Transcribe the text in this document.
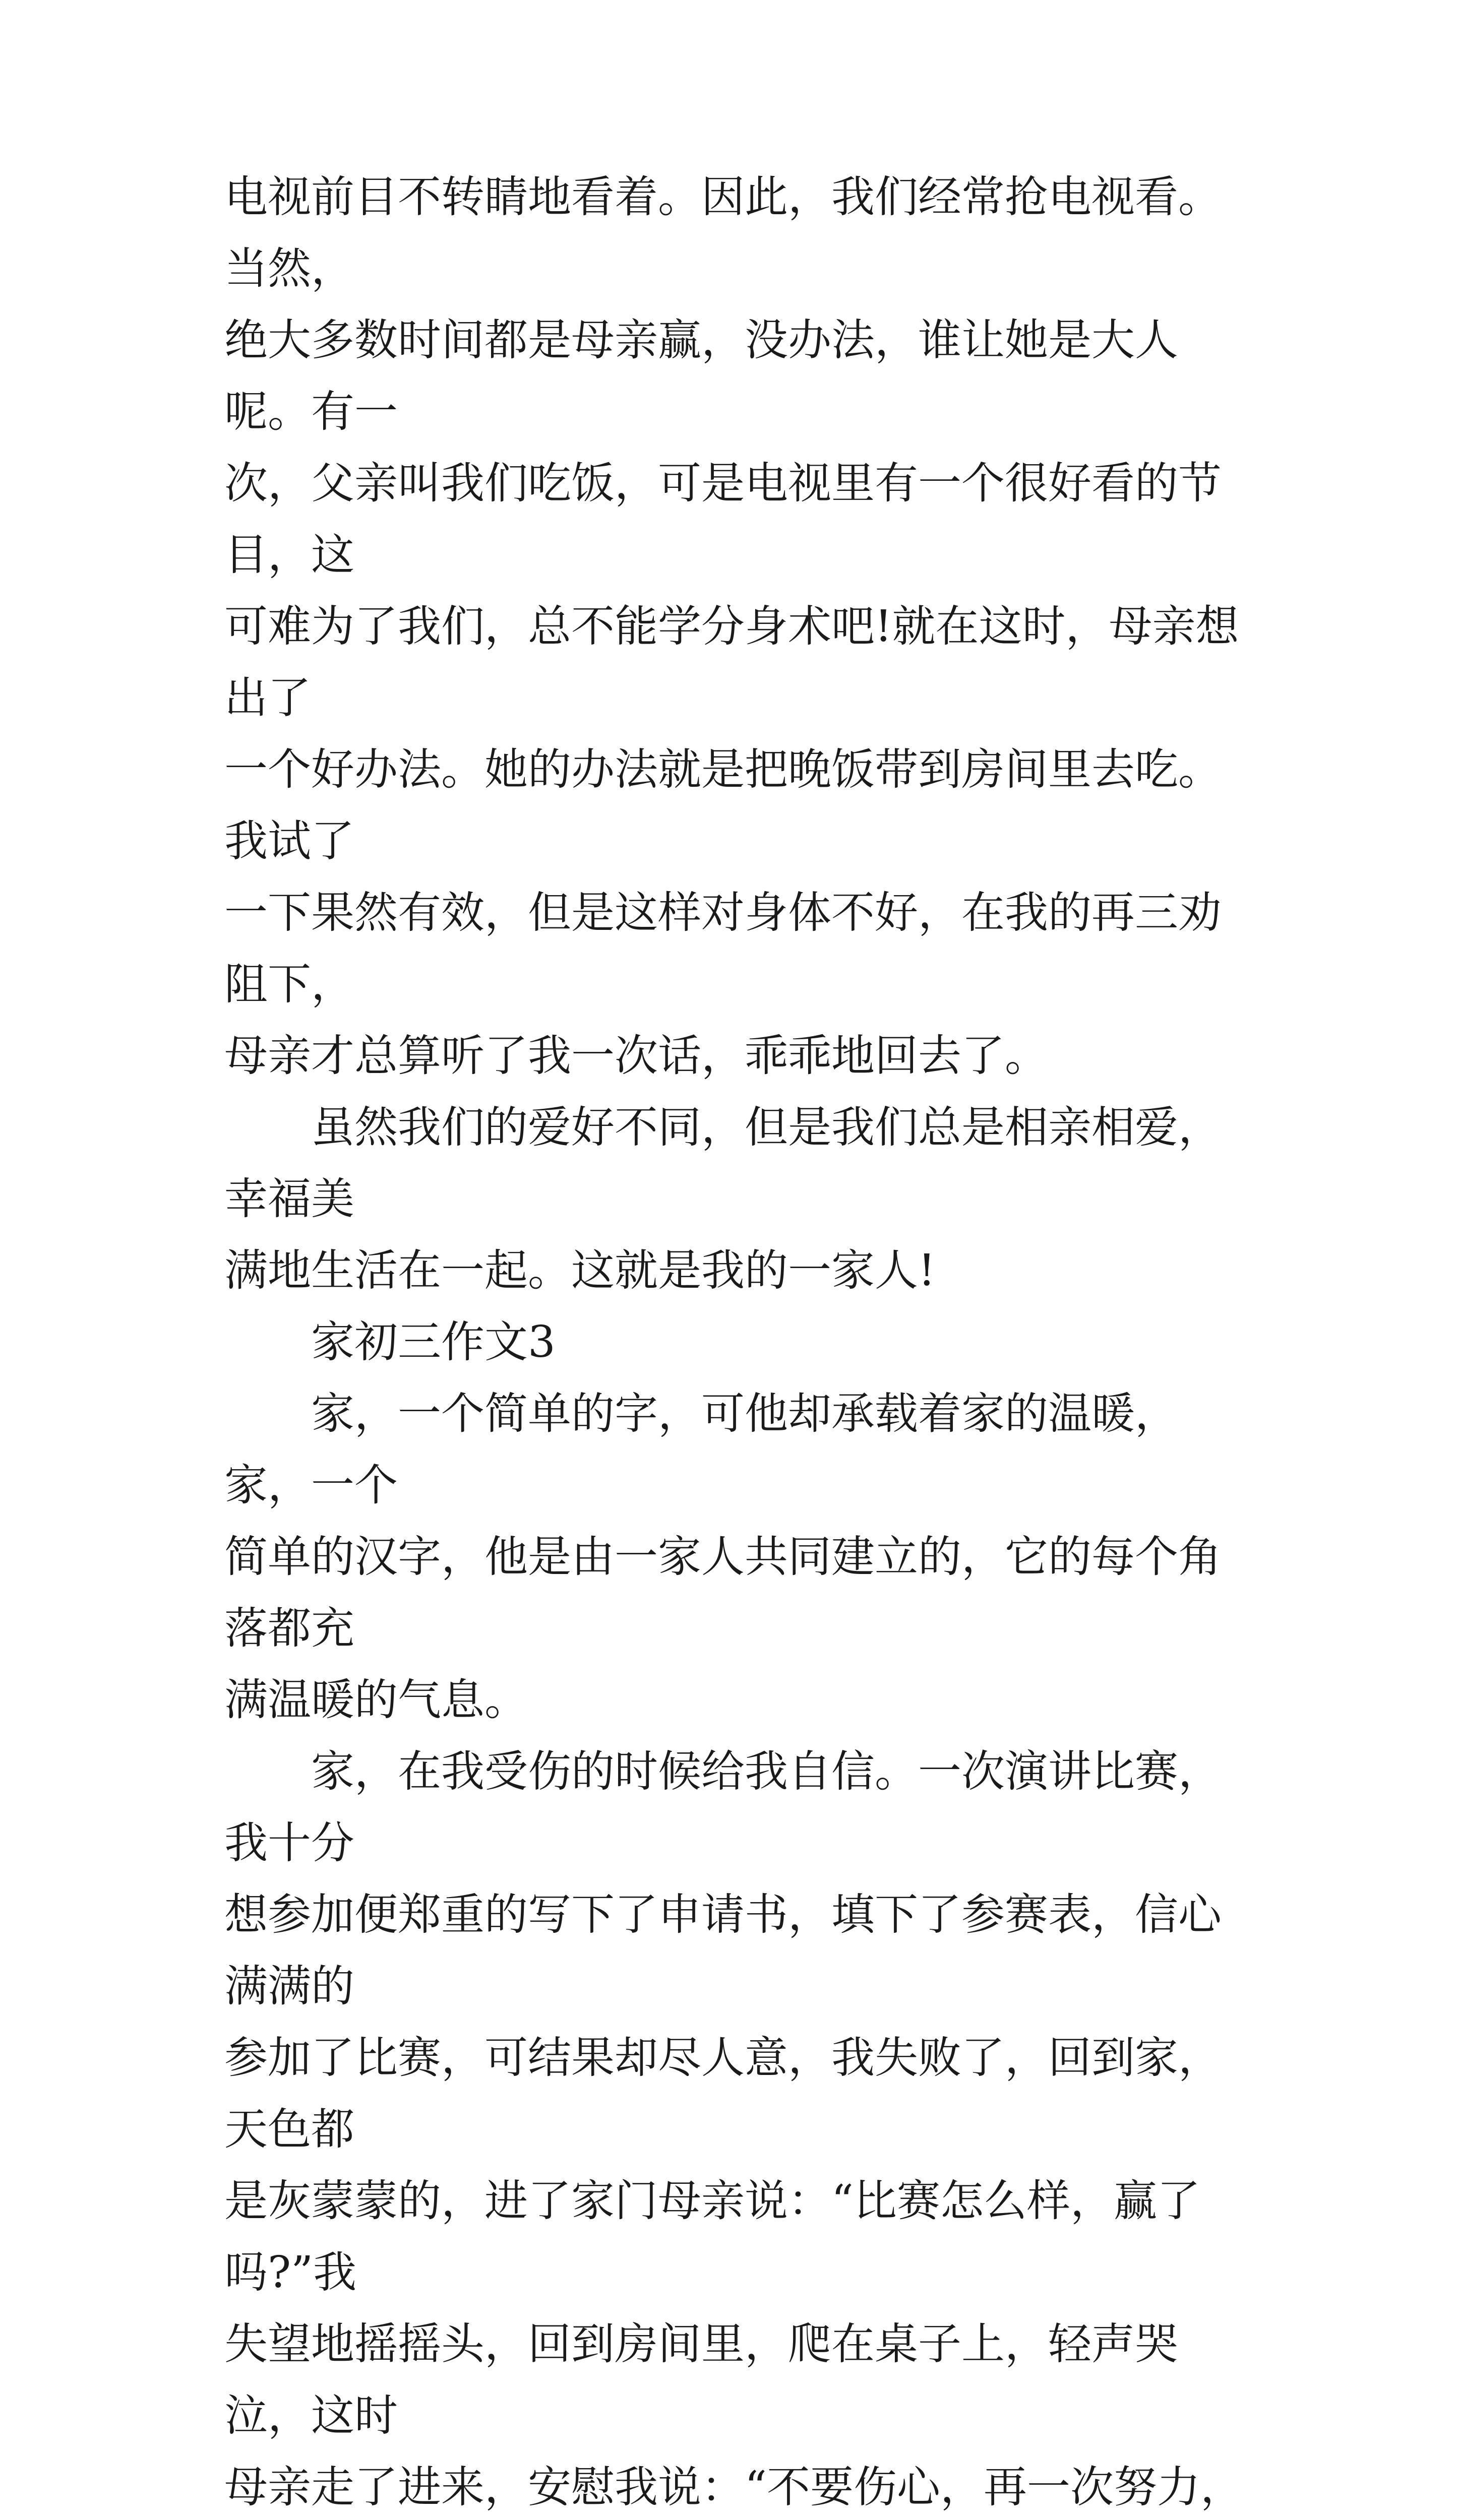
电视前目不转睛地看着。因此，我们经常抢电视看。当然，
绝大多数时间都是母亲赢，没办法，谁让她是大人呢。有一
次，父亲叫我们吃饭，可是电视里有一个很好看的节目，这
可难为了我们，总不能学分身术吧!就在这时，母亲想出了
一个好办法。她的办法就是把晚饭带到房间里去吃。我试了
一下果然有效，但是这样对身体不好，在我的再三劝阻下，
母亲才总算听了我一次话，乖乖地回去了。

　　虽然我们的爱好不同，但是我们总是相亲相爱，幸福美
满地生活在一起。这就是我的一家人!

　　家初三作文3

　　家，一个简单的字，可他却承载着家的温暖，家，一个
简单的汉字，他是由一家人共同建立的，它的每个角落都充
满温暖的气息。

　　家，在我受伤的时候给我自信。一次演讲比赛，我十分
想参加便郑重的写下了申请书，填下了参赛表，信心满满的
参加了比赛，可结果却尽人意，我失败了，回到家，天色都
是灰蒙蒙的，进了家门母亲说：“比赛怎么样，赢了吗?”我
失望地摇摇头，回到房间里，爬在桌子上，轻声哭泣，这时
母亲走了进来，安慰我说：“不要伤心，再一次努力，
